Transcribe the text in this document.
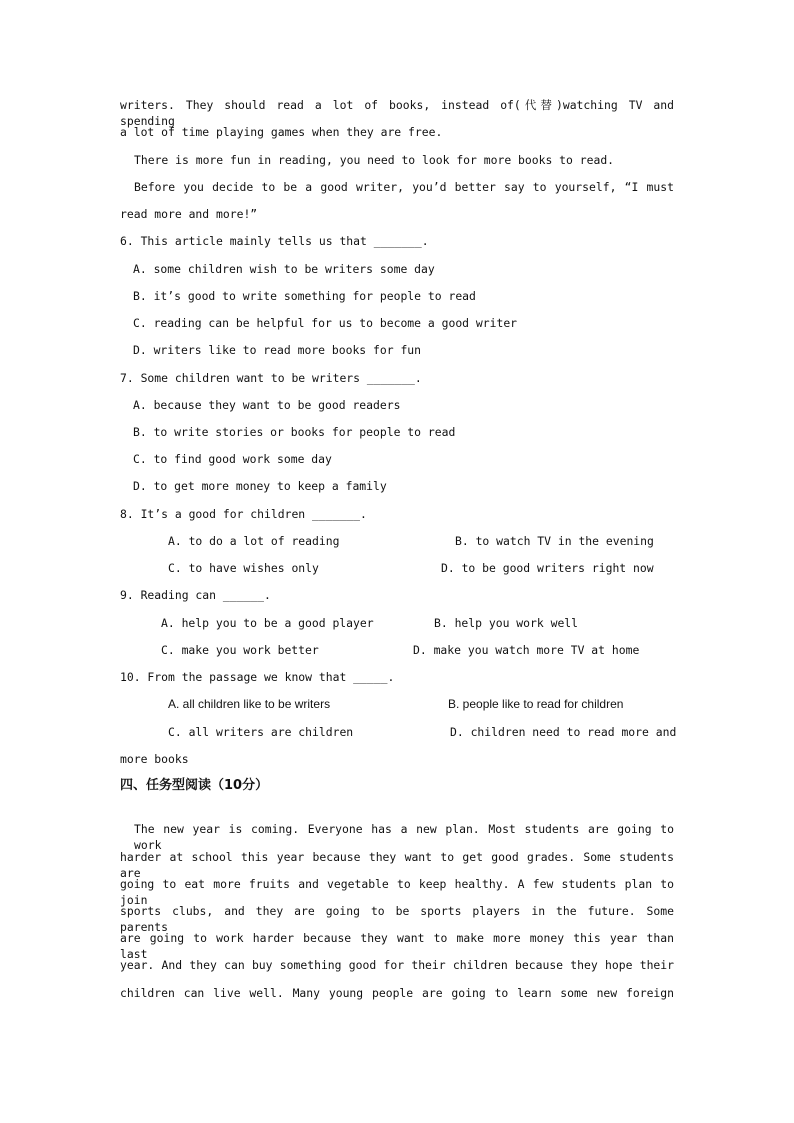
writers. They should read a lot of books, instead of(代替)watching TV and spending
a lot of time playing games when they are free.
There is more fun in reading, you need to look for more books to read.
Before you decide to be a good writer, you’d better say to yourself, “I must
read more and more!”
6. This article mainly tells us that _______.
A. some children wish to be writers some day
B. it’s good to write something for people to read
C. reading can be helpful for us to become a good writer
D. writers like to read more books for fun
7. Some children want to be writers _______.
A. because they want to be good readers
B. to write stories or books for people to read
C. to find good work some day
D. to get more money to keep a family
8. It’s a good for children _______.
A. to do a lot of reading	B. to watch TV in the evening
C. to have wishes only	D. to be good writers right now
9. Reading can ______.
A. help you to be a good player	B. help you work well
C. make you work better	D. make you watch more TV at home
10. From the passage we know that _____.
A. all children like to be writers	B. people like to read for children
C. all writers are children	D. children need to read more and
more books
四、任务型阅读（10分）
The new year is coming. Everyone has a new plan. Most students are going to work
harder at school this year because they want to get good grades. Some students are
going to eat more fruits and vegetable to keep healthy. A few students plan to join
sports clubs, and they are going to be sports players in the future. Some parents
are going to work harder because they want to make more money this year than last
year. And they can buy something good for their children because they hope their
children can live well. Many young people are going to learn some new foreign
